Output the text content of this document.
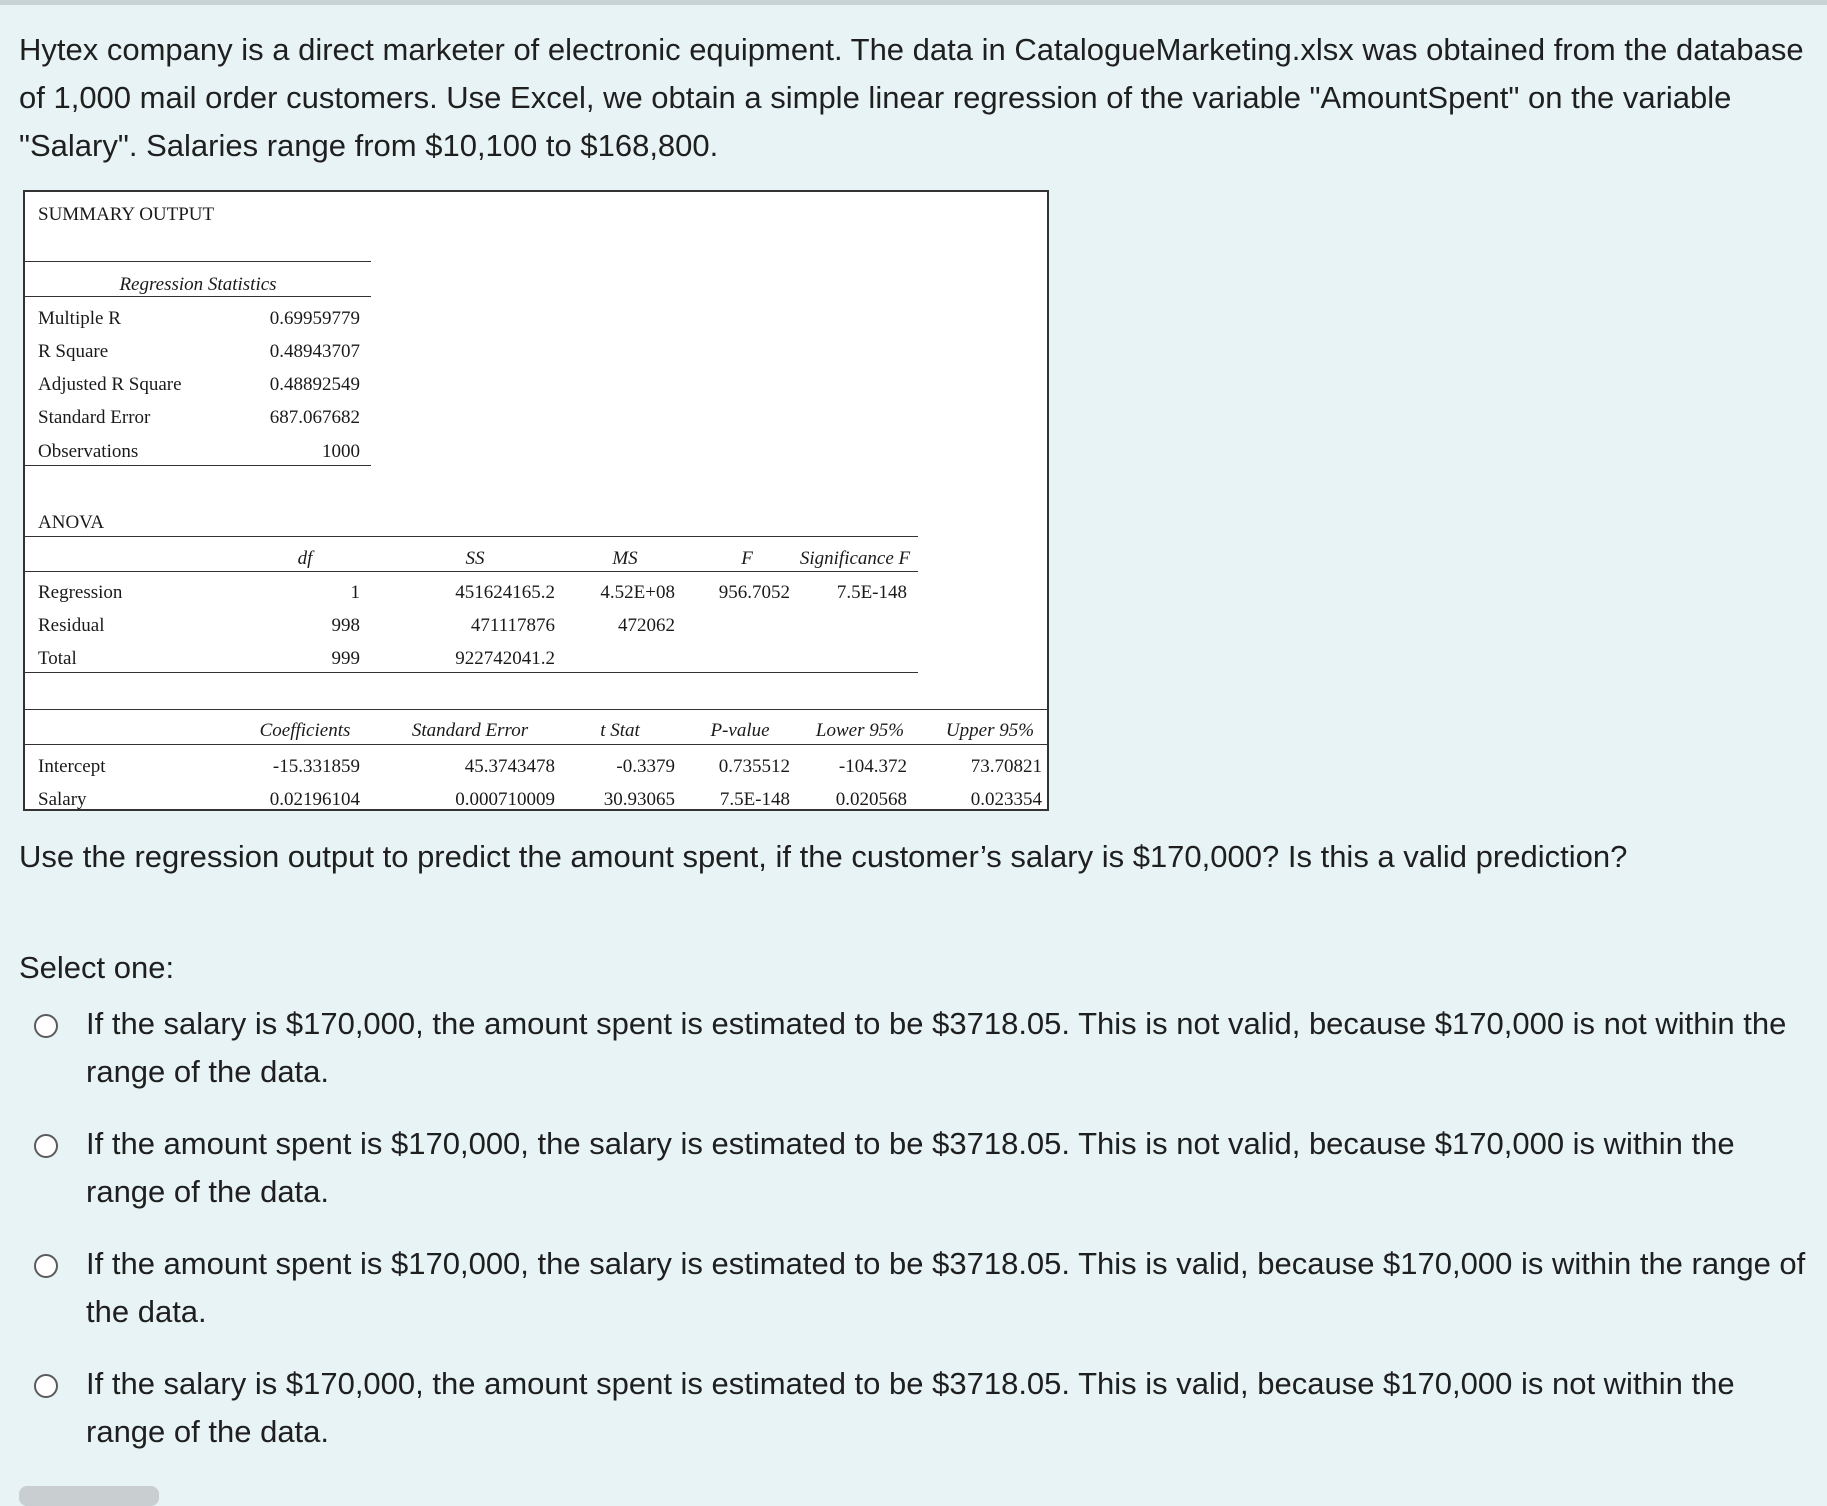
Hytex company is a direct marketer of electronic equipment. The data in CatalogueMarketing.xlsx was obtained from the database of 1,000 mail order customers. Use Excel, we obtain a simple linear regression of the variable "AmountSpent" on the variable "Salary". Salaries range from $10,100 to $168,800.
SUMMARY OUTPUT
Regression Statistics
Multiple R	0.69959779
R Square	0.48943707
Adjusted R Square	0.48892549
Standard Error	687.067682
Observations	1000
ANOVA
df	SS	MS	F	Significance F
Regression	1	451624165.2	4.52E+08	956.7052	7.5E-148
Residual	998	471117876	472062
Total	999	922742041.2
Coefficients	Standard Error	t Stat	P-value	Lower 95%	Upper 95%
Intercept	-15.331859	45.3743478	-0.3379	0.735512	-104.372	73.70821
Salary	0.02196104	0.000710009	30.93065	7.5E-148	0.020568	0.023354
Use the regression output to predict the amount spent, if the customer’s salary is $170,000? Is this a valid prediction?
Select one:
If the salary is $170,000, the amount spent is estimated to be $3718.05. This is not valid, because $170,000 is not within the range of the data.
If the amount spent is $170,000, the salary is estimated to be $3718.05. This is not valid, because $170,000 is within the range of the data.
If the amount spent is $170,000, the salary is estimated to be $3718.05. This is valid, because $170,000 is within the range of the data.
If the salary is $170,000, the amount spent is estimated to be $3718.05. This is valid, because $170,000 is not within the range of the data.
